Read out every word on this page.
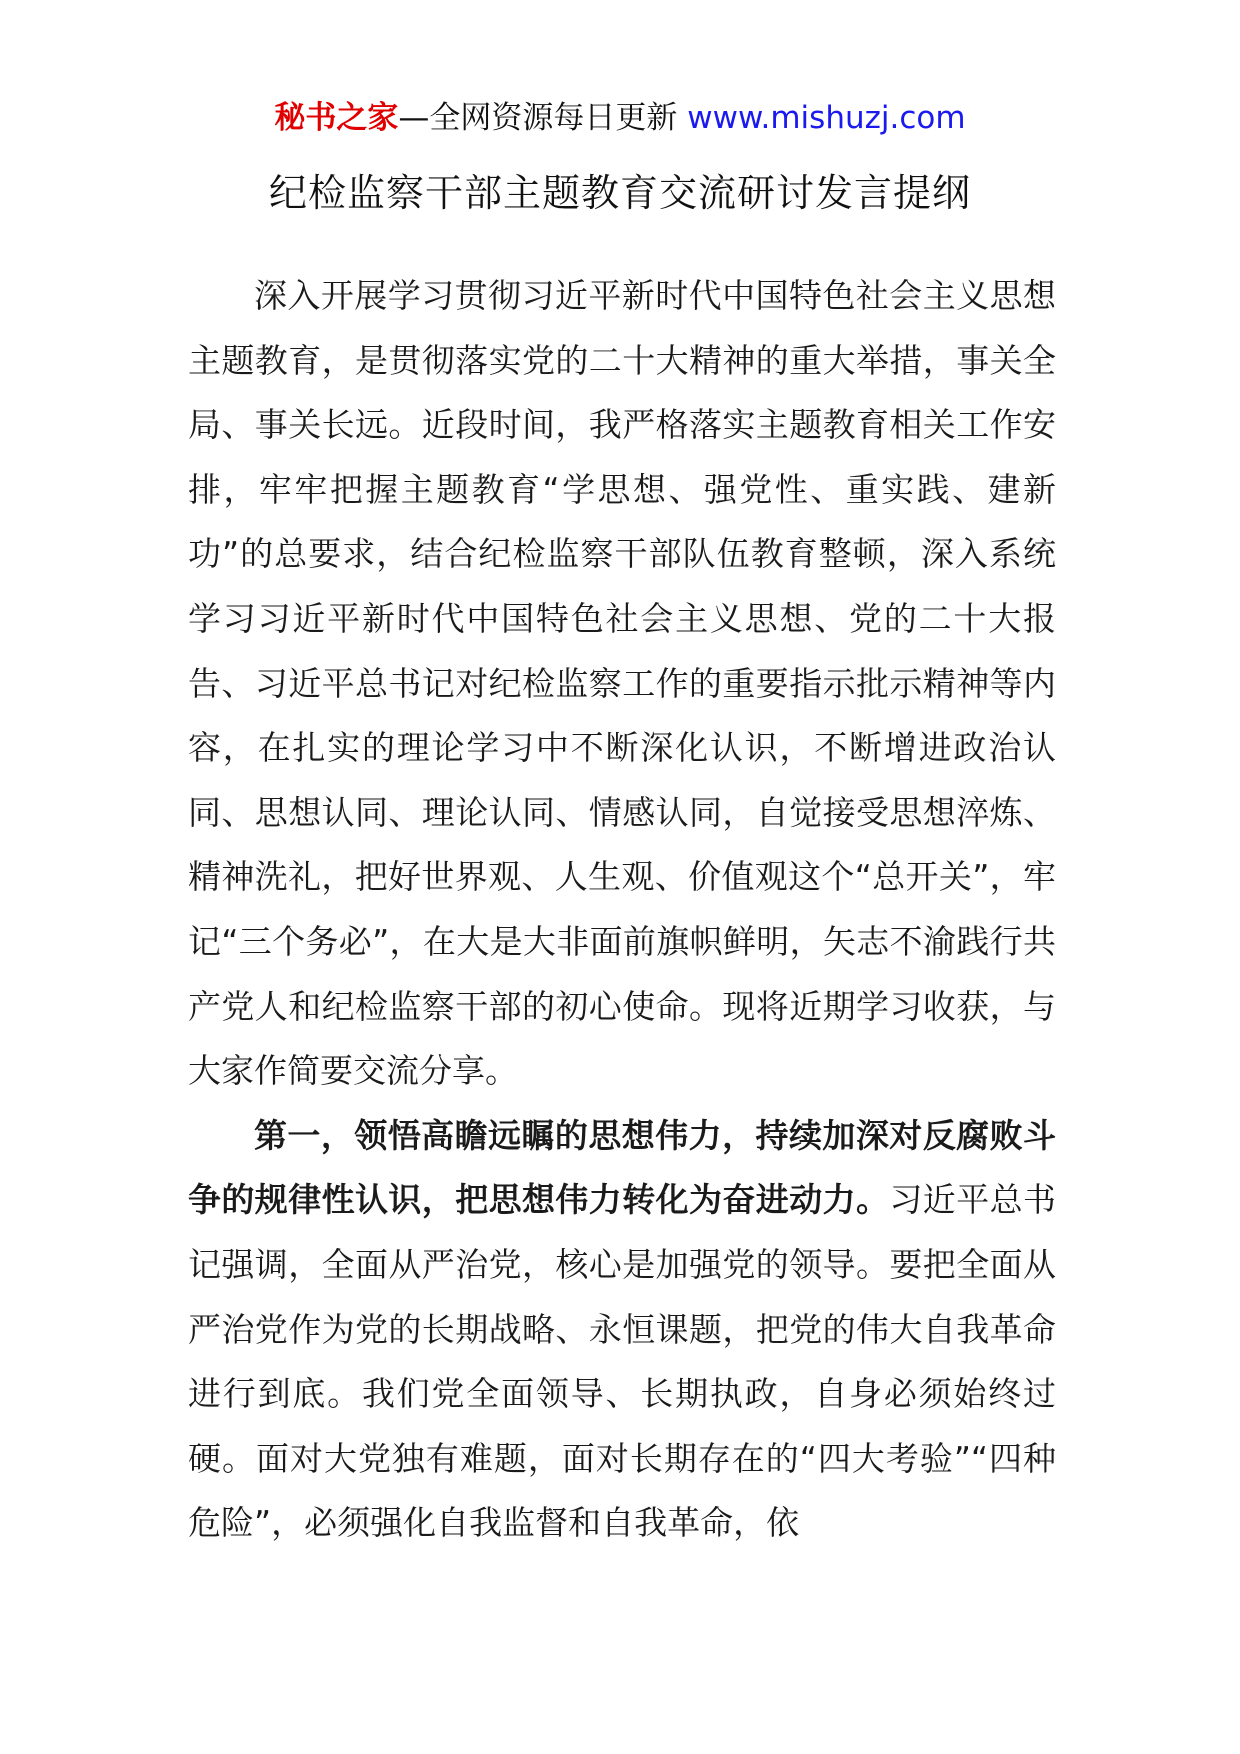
秘书之家—全网资源每日更新 www.mishuzj.com
纪检监察干部主题教育交流研讨发言提纲

深入开展学习贯彻习近平新时代中国特色社会主义思想主题教育，是贯彻落实党的二十大精神的重大举措，事关全局、事关长远。近段时间，我严格落实主题教育相关工作安排，牢牢把握主题教育“学思想、强党性、重实践、建新功”的总要求，结合纪检监察干部队伍教育整顿，深入系统学习习近平新时代中国特色社会主义思想、党的二十大报告、习近平总书记对纪检监察工作的重要指示批示精神等内容，在扎实的理论学习中不断深化认识，不断增进政治认同、思想认同、理论认同、情感认同，自觉接受思想淬炼、精神洗礼，把好世界观、人生观、价值观这个“总开关”，牢记“三个务必”，在大是大非面前旗帜鲜明，矢志不渝践行共产党人和纪检监察干部的初心使命。现将近期学习收获，与大家作简要交流分享。

第一，领悟高瞻远瞩的思想伟力，持续加深对反腐败斗争的规律性认识，把思想伟力转化为奋进动力。习近平总书记强调，全面从严治党，核心是加强党的领导。要把全面从严治党作为党的长期战略、永恒课题，把党的伟大自我革命进行到底。我们党全面领导、长期执政，自身必须始终过硬。面对大党独有难题，面对长期存在的“四大考验”“四种危险”，必须强化自我监督和自我革命，依
